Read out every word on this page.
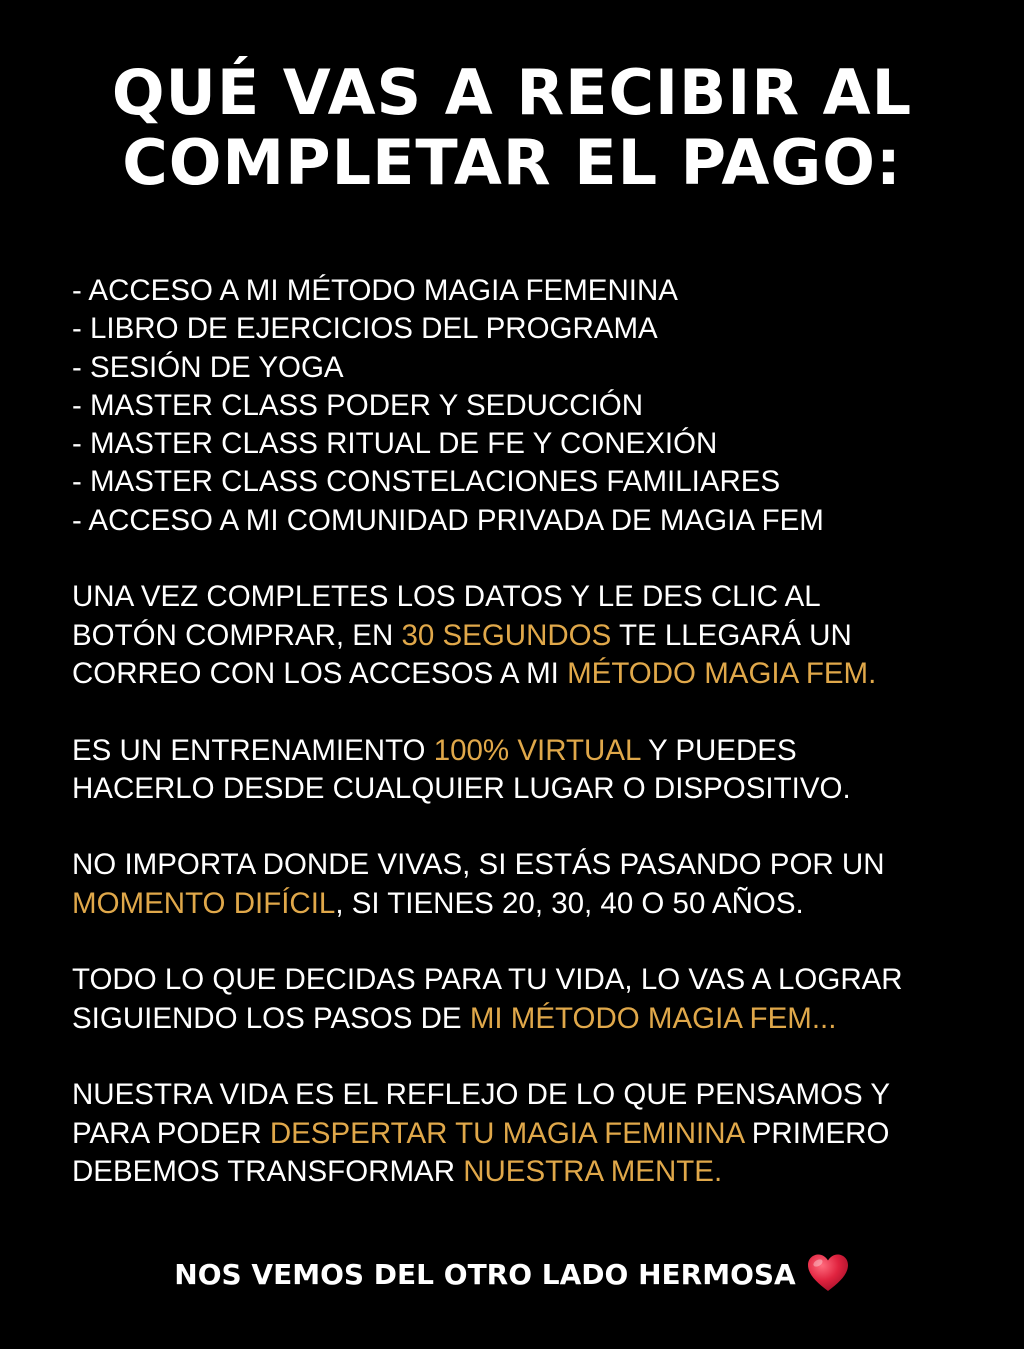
QUÉ VAS A RECIBIR AL
COMPLETAR EL PAGO:
- ACCESO A MI MÉTODO MAGIA FEMENINA
- LIBRO DE EJERCICIOS DEL PROGRAMA
- SESIÓN DE YOGA
- MASTER CLASS PODER Y SEDUCCIÓN
- MASTER CLASS RITUAL DE FE Y CONEXIÓN
- MASTER CLASS CONSTELACIONES FAMILIARES
- ACCESO A MI COMUNIDAD PRIVADA DE MAGIA FEM
UNA VEZ COMPLETES LOS DATOS Y LE DES CLIC AL
BOTÓN COMPRAR, EN 30 SEGUNDOS TE LLEGARÁ UN
CORREO CON LOS ACCESOS A MI MÉTODO MAGIA FEM.
ES UN ENTRENAMIENTO 100% VIRTUAL Y PUEDES
HACERLO DESDE CUALQUIER LUGAR O DISPOSITIVO.
NO IMPORTA DONDE VIVAS, SI ESTÁS PASANDO POR UN
MOMENTO DIFÍCIL, SI TIENES 20, 30, 40 O 50 AÑOS.
TODO LO QUE DECIDAS PARA TU VIDA, LO VAS A LOGRAR
SIGUIENDO LOS PASOS DE MI MÉTODO MAGIA FEM...
NUESTRA VIDA ES EL REFLEJO DE LO QUE PENSAMOS Y
PARA PODER DESPERTAR TU MAGIA FEMININA PRIMERO
DEBEMOS TRANSFORMAR NUESTRA MENTE.
NOS VEMOS DEL OTRO LADO HERMOSA
